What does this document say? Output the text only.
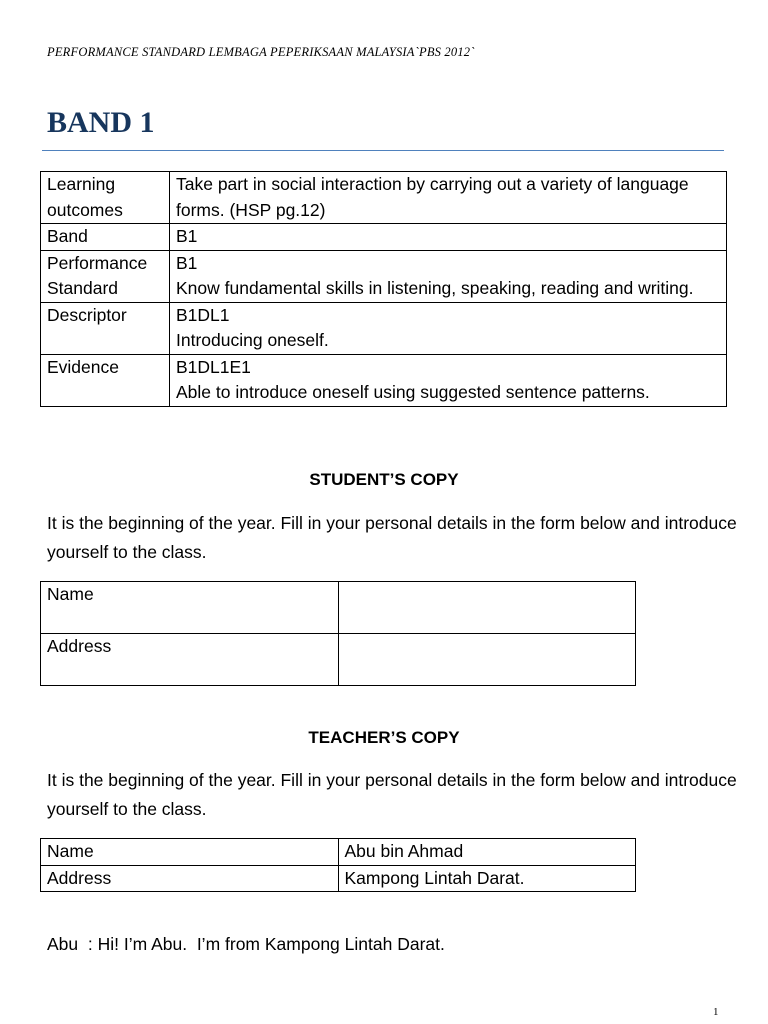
PERFORMANCE STANDARD LEMBAGA PEPERIKSAAN MALAYSIA`PBS 2012`
BAND 1
Learning outcomes	Take part in social interaction by carrying out a variety of language forms. (HSP pg.12)
Band	B1
Performance Standard	B1
Know fundamental skills in listening, speaking, reading and writing.

Descriptor	B1DL1
Introducing oneself.

Evidence	B1DL1E1
Able to introduce oneself using suggested sentence patterns.
STUDENT’S COPY
It is the beginning of the year. Fill in your personal details in the form below and introduce yourself to the class.
Name	
Address	
TEACHER’S COPY
It is the beginning of the year. Fill in your personal details in the form below and introduce yourself to the class.
Name	Abu bin Ahmad
Address	Kampong Lintah Darat.
Abu : Hi! I’m Abu.  I’m from Kampong Lintah Darat.
1
